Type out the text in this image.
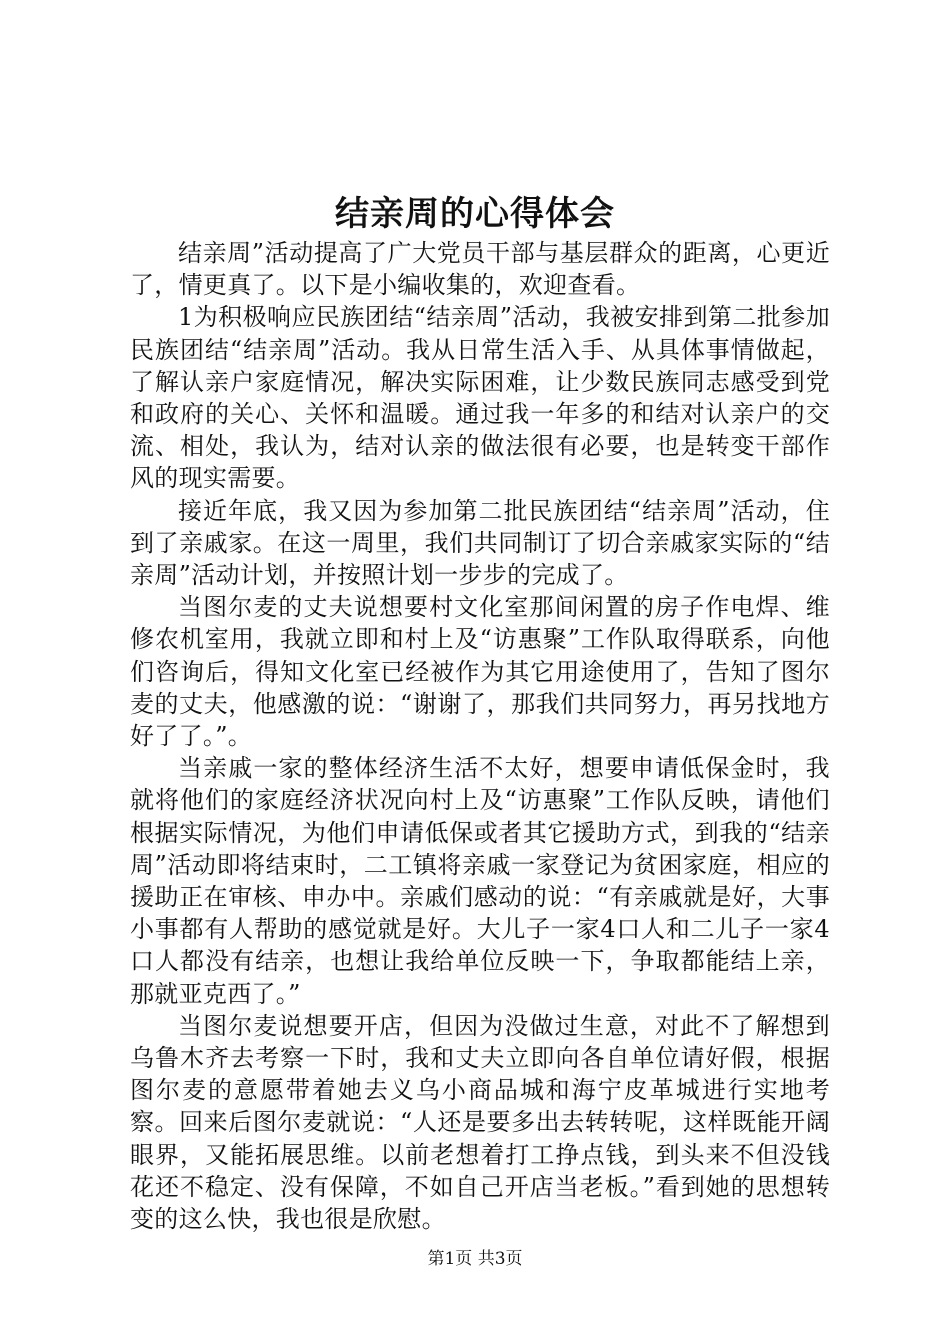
结亲周的心得体会

结亲周”活动提高了广大党员干部与基层群众的距离，心更近了，情更真了。以下是小编收集的，欢迎查看。

1为积极响应民族团结“结亲周”活动，我被安排到第二批参加民族团结“结亲周”活动。我从日常生活入手、从具体事情做起，了解认亲户家庭情况，解决实际困难，让少数民族同志感受到党和政府的关心、关怀和温暖。通过我一年多的和结对认亲户的交流、相处，我认为，结对认亲的做法很有必要，也是转变干部作风的现实需要。

接近年底，我又因为参加第二批民族团结“结亲周”活动，住到了亲戚家。在这一周里，我们共同制订了切合亲戚家实际的“结亲周”活动计划，并按照计划一步步的完成了。

当图尔麦的丈夫说想要村文化室那间闲置的房子作电焊、维修农机室用，我就立即和村上及“访惠聚”工作队取得联系，向他们咨询后，得知文化室已经被作为其它用途使用了，告知了图尔麦的丈夫，他感激的说：“谢谢了，那我们共同努力，再另找地方好了了。”。

当亲戚一家的整体经济生活不太好，想要申请低保金时，我就将他们的家庭经济状况向村上及“访惠聚”工作队反映，请他们根据实际情况，为他们申请低保或者其它援助方式，到我的“结亲周”活动即将结束时，二工镇将亲戚一家登记为贫困家庭，相应的援助正在审核、申办中。亲戚们感动的说：“有亲戚就是好，大事小事都有人帮助的感觉就是好。大儿子一家4口人和二儿子一家4口人都没有结亲，也想让我给单位反映一下，争取都能结上亲，那就亚克西了。”

当图尔麦说想要开店，但因为没做过生意，对此不了解想到乌鲁木齐去考察一下时，我和丈夫立即向各自单位请好假，根据图尔麦的意愿带着她去义乌小商品城和海宁皮革城进行实地考察。回来后图尔麦就说：“人还是要多出去转转呢，这样既能开阔眼界，又能拓展思维。以前老想着打工挣点钱，到头来不但没钱花还不稳定、没有保障，不如自己开店当老板。”看到她的思想转变的这么快，我也很是欣慰。

第1页 共3页
